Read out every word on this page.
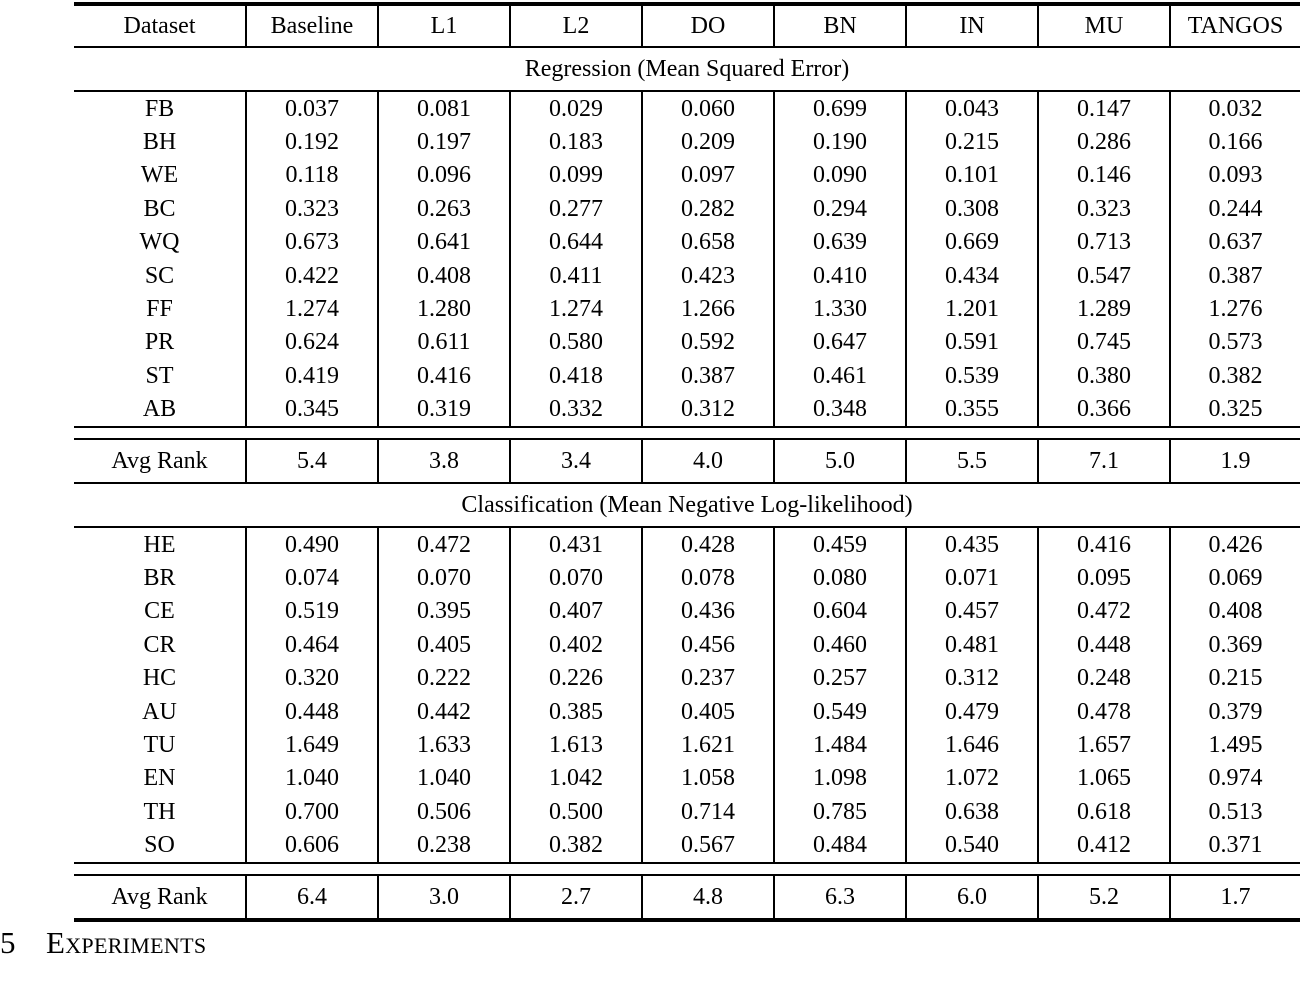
Dataset	Baseline	L1	L2	DO	BN	IN	MU	TANGOS
Regression (Mean Squared Error)								
FB	0.037	0.081	0.029	0.060	0.699	0.043	0.147	0.032
BH	0.192	0.197	0.183	0.209	0.190	0.215	0.286	0.166
WE	0.118	0.096	0.099	0.097	0.090	0.101	0.146	0.093
BC	0.323	0.263	0.277	0.282	0.294	0.308	0.323	0.244
WQ	0.673	0.641	0.644	0.658	0.639	0.669	0.713	0.637
SC	0.422	0.408	0.411	0.423	0.410	0.434	0.547	0.387
FF	1.274	1.280	1.274	1.266	1.330	1.201	1.289	1.276
PR	0.624	0.611	0.580	0.592	0.647	0.591	0.745	0.573
ST	0.419	0.416	0.418	0.387	0.461	0.539	0.380	0.382
AB	0.345	0.319	0.332	0.312	0.348	0.355	0.366	0.325

Avg Rank	5.4	3.8	3.4	4.0	5.0	5.5	7.1	1.9
Classification (Mean Negative Log-likelihood)								
HE	0.490	0.472	0.431	0.428	0.459	0.435	0.416	0.426
BR	0.074	0.070	0.070	0.078	0.080	0.071	0.095	0.069
CE	0.519	0.395	0.407	0.436	0.604	0.457	0.472	0.408
CR	0.464	0.405	0.402	0.456	0.460	0.481	0.448	0.369
HC	0.320	0.222	0.226	0.237	0.257	0.312	0.248	0.215
AU	0.448	0.442	0.385	0.405	0.549	0.479	0.478	0.379
TU	1.649	1.633	1.613	1.621	1.484	1.646	1.657	1.495
EN	1.040	1.040	1.042	1.058	1.098	1.072	1.065	0.974
TH	0.700	0.506	0.500	0.714	0.785	0.638	0.618	0.513
SO	0.606	0.238	0.382	0.567	0.484	0.540	0.412	0.371

Avg Rank	6.4	3.0	2.7	4.8	6.3	6.0	5.2	1.7
5 Experiments
